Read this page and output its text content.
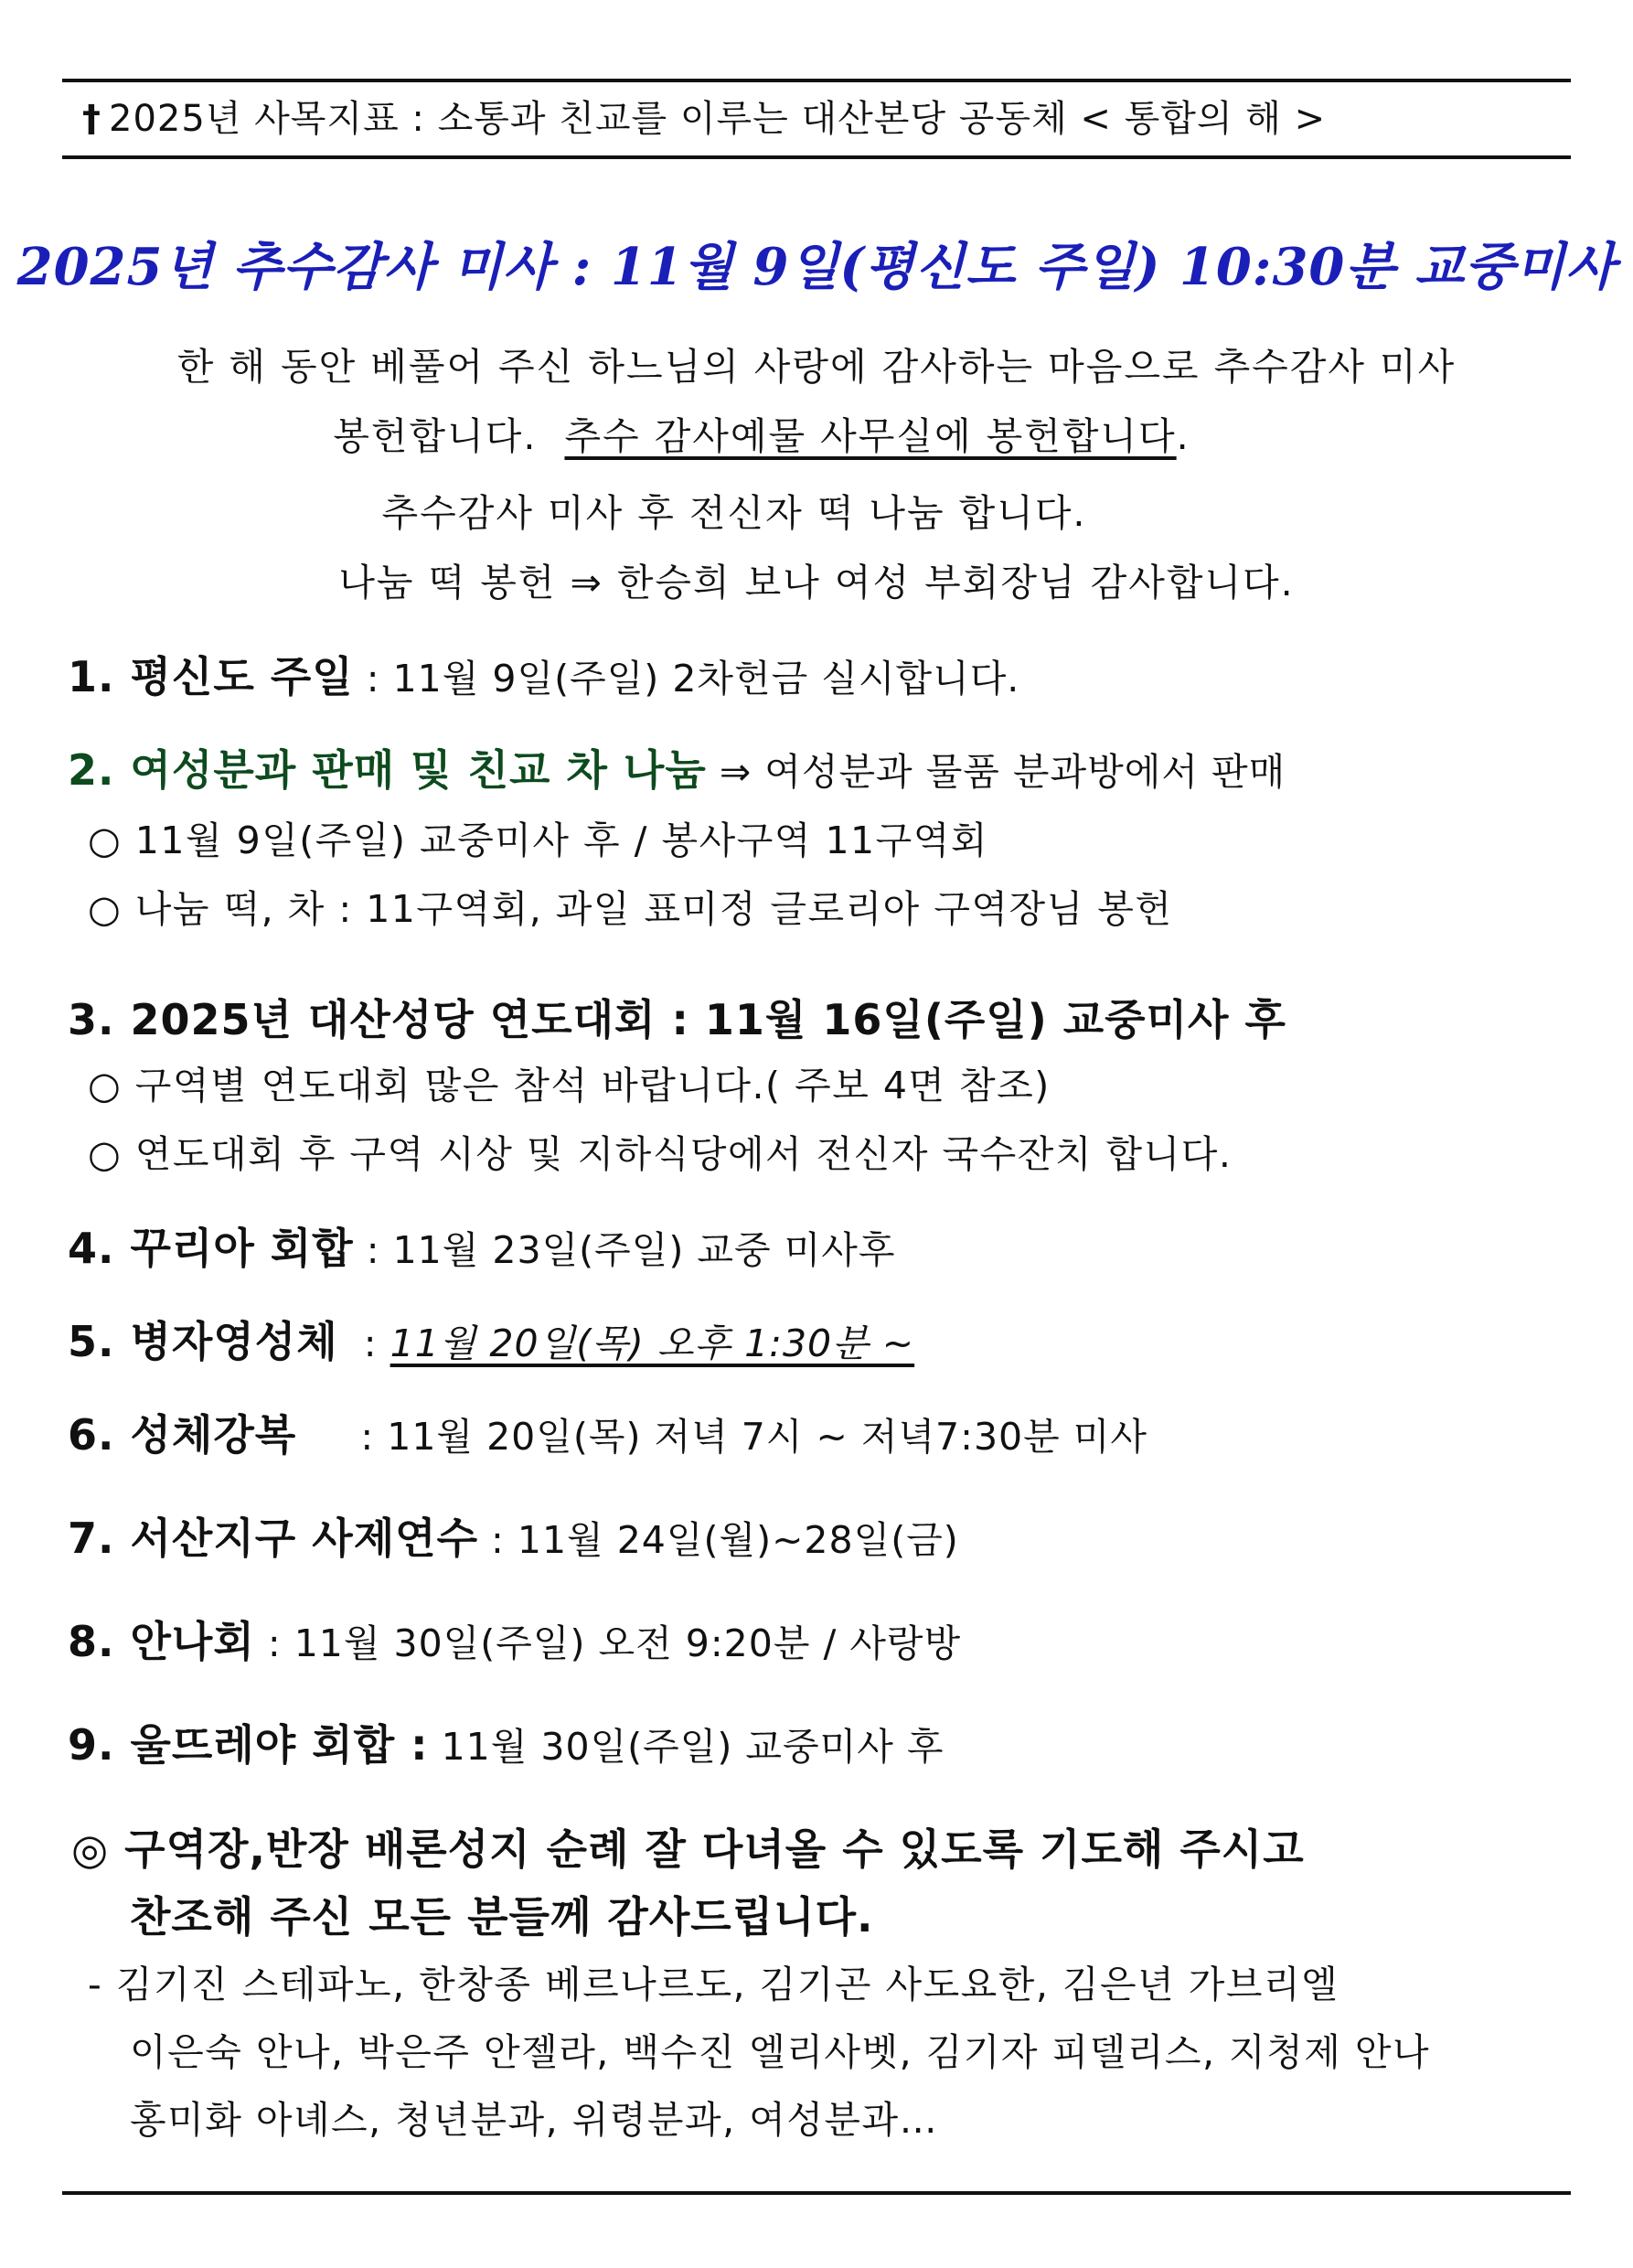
† 2025년 사목지표 : 소통과 친교를 이루는 대산본당 공동체 < 통합의 해 >
2025년 추수감사 미사 : 11월 9일(평신도 주일) 10:30분 교중미사
한 해 동안 베풀어 주신 하느님의 사랑에 감사하는 마음으로 추수감사 미사
봉헌합니다. 추수 감사예물 사무실에 봉헌합니다.
추수감사 미사 후 전신자 떡 나눔 합니다.
나눔 떡 봉헌 ⇒ 한승희 보나 여성 부회장님 감사합니다.
1. 평신도 주일 : 11월 9일(주일) 2차헌금 실시합니다.
2. 여성분과 판매 및 친교 차 나눔 ⇒ 여성분과 물품 분과방에서 판매
○ 11월 9일(주일) 교중미사 후 / 봉사구역 11구역회
○ 나눔 떡, 차 : 11구역회, 과일 표미정 글로리아 구역장님 봉헌
3. 2025년 대산성당 연도대회 : 11월 16일(주일) 교중미사 후
○ 구역별 연도대회 많은 참석 바랍니다.( 주보 4면 참조)
○ 연도대회 후 구역 시상 및 지하식당에서 전신자 국수잔치 합니다.
4. 꾸리아 회합 : 11월 23일(주일) 교중 미사후
5. 병자영성체  : 11월 20일(목) 오후 1:30분 ~
6. 성체강복     : 11월 20일(목) 저녁 7시 ~ 저녁7:30분 미사
7. 서산지구 사제연수 : 11월 24일(월)~28일(금)
8. 안나회 : 11월 30일(주일) 오전 9:20분 / 사랑방
9. 울뜨레야 회합 : 11월 30일(주일) 교중미사 후
◎ 구역장,반장 배론성지 순례 잘 다녀올 수 있도록 기도해 주시고
찬조해 주신 모든 분들께 감사드립니다.
- 김기진 스테파노, 한창종 베르나르도, 김기곤 사도요한, 김은년 가브리엘
이은숙 안나, 박은주 안젤라, 백수진 엘리사벳, 김기자 피델리스, 지청제 안나
홍미화 아녜스, 청년분과, 위령분과, 여성분과…
